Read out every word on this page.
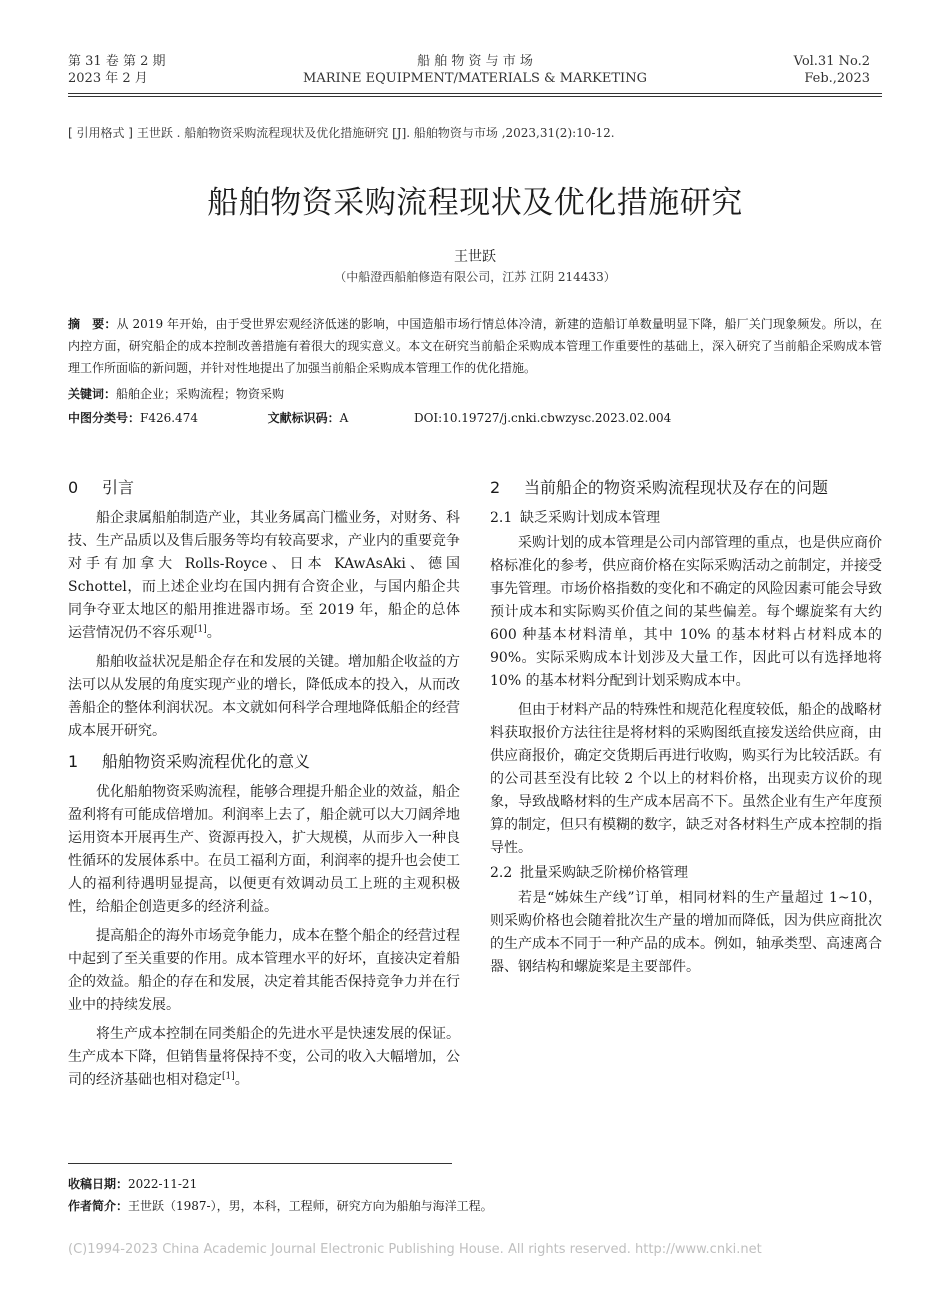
第 31 卷 第 2 期
2023 年 2 月
船 舶 物 资 与 市 场
MARINE EQUIPMENT/MATERIALS & MARKETING
Vol.31 No.2
Feb.,2023
[ 引用格式 ] 王世跃 . 船舶物资采购流程现状及优化措施研究 [J]. 船舶物资与市场 ,2023,31(2):10-12.
船舶物资采购流程现状及优化措施研究
王世跃
（中船澄西船舶修造有限公司，江苏 江阴 214433）
摘　要：从 2019 年开始，由于受世界宏观经济低迷的影响，中国造船市场行情总体冷清，新建的造船订单数量明显下降，船厂关门现象频发。所以，在内控方面，研究船企的成本控制改善措施有着很大的现实意义。本文在研究当前船企采购成本管理工作重要性的基础上，深入研究了当前船企采购成本管理工作所面临的新问题，并针对性地提出了加强当前船企采购成本管理工作的优化措施。
关键词：船舶企业；采购流程；物资采购
中图分类号：F426.474	文献标识码：A	DOI:10.19727/j.cnki.cbwzysc.2023.02.004
0 引言

船企隶属船舶制造产业，其业务属高门槛业务，对财务、科技、生产品质以及售后服务等均有较高要求，产业内的重要竞争对手有加拿大 Rolls-Royce、日本 KAwAsAki、德国 Schottel，而上述企业均在国内拥有合资企业，与国内船企共同争夺亚太地区的船用推进器市场。至 2019 年，船企的总体运营情况仍不容乐观[1]。

船舶收益状况是船企存在和发展的关键。增加船企收益的方法可以从发展的角度实现产业的增长，降低成本的投入，从而改善船企的整体利润状况。本文就如何科学合理地降低船企的经营成本展开研究。

1 船舶物资采购流程优化的意义

优化船舶物资采购流程，能够合理提升船企业的效益，船企盈利将有可能成倍增加。利润率上去了，船企就可以大刀阔斧地运用资本开展再生产、资源再投入，扩大规模，从而步入一种良性循环的发展体系中。在员工福利方面，利润率的提升也会使工人的福利待遇明显提高，以便更有效调动员工上班的主观积极性，给船企创造更多的经济利益。

提高船企的海外市场竞争能力，成本在整个船企的经营过程中起到了至关重要的作用。成本管理水平的好坏，直接决定着船企的效益。船企的存在和发展，决定着其能否保持竞争力并在行业中的持续发展。

将生产成本控制在同类船企的先进水平是快速发展的保证。生产成本下降，但销售量将保持不变，公司的收入大幅增加，公司的经济基础也相对稳定[1]。

2 当前船企的物资采购流程现状及存在的问题
2.1 缺乏采购计划成本管理

采购计划的成本管理是公司内部管理的重点，也是供应商价格标准化的参考，供应商价格在实际采购活动之前制定，并接受事先管理。市场价格指数的变化和不确定的风险因素可能会导致预计成本和实际购买价值之间的某些偏差。每个螺旋桨有大约 600 种基本材料清单，其中 10% 的基本材料占材料成本的 90%。实际采购成本计划涉及大量工作，因此可以有选择地将 10% 的基本材料分配到计划采购成本中。

但由于材料产品的特殊性和规范化程度较低，船企的战略材料获取报价方法往往是将材料的采购图纸直接发送给供应商，由供应商报价，确定交货期后再进行收购，购买行为比较活跃。有的公司甚至没有比较 2 个以上的材料价格，出现卖方议价的现象，导致战略材料的生产成本居高不下。虽然企业有生产年度预算的制定，但只有模糊的数字，缺乏对各材料生产成本控制的指导性。

2.2 批量采购缺乏阶梯价格管理

若是“姊妹生产线”订单，相同材料的生产量超过 1~10，则采购价格也会随着批次生产量的增加而降低，因为供应商批次的生产成本不同于一种产品的成本。例如，轴承类型、高速离合器、钢结构和螺旋桨是主要部件。

收稿日期：2022-11-21
作者简介：王世跃（1987-），男，本科，工程师，研究方向为船舶与海洋工程。
(C)1994-2023 China Academic Journal Electronic Publishing House. All rights reserved. http://www.cnki.net
